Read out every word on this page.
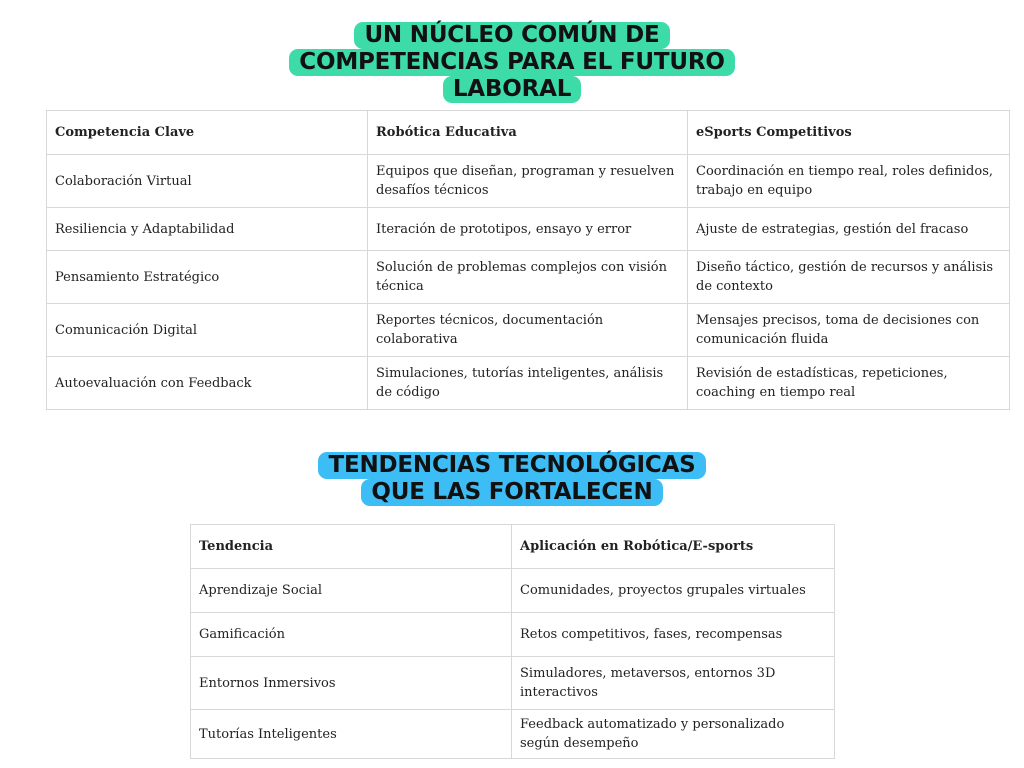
UN NÚCLEO COMÚN DE
COMPETENCIAS PARA EL FUTURO
LABORAL
Competencia Clave	Robótica Educativa	eSports Competitivos
Colaboración Virtual	Equipos que diseñan, programan y resuelven desafíos técnicos	Coordinación en tiempo real, roles definidos, trabajo en equipo
Resiliencia y Adaptabilidad	Iteración de prototipos, ensayo y error	Ajuste de estrategias, gestión del fracaso
Pensamiento Estratégico	Solución de problemas complejos con visión técnica	Diseño táctico, gestión de recursos y análisis de contexto
Comunicación Digital	Reportes técnicos, documentación colaborativa	Mensajes precisos, toma de decisiones con comunicación fluida
Autoevaluación con Feedback	Simulaciones, tutorías inteligentes, análisis de código	Revisión de estadísticas, repeticiones, coaching en tiempo real
TENDENCIAS TECNOLÓGICAS
QUE LAS FORTALECEN
Tendencia	Aplicación en Robótica/E-sports
Aprendizaje Social	Comunidades, proyectos grupales virtuales
Gamificación	Retos competitivos, fases, recompensas
Entornos Inmersivos	Simuladores, metaversos, entornos 3D interactivos
Tutorías Inteligentes	Feedback automatizado y personalizado según desempeño
